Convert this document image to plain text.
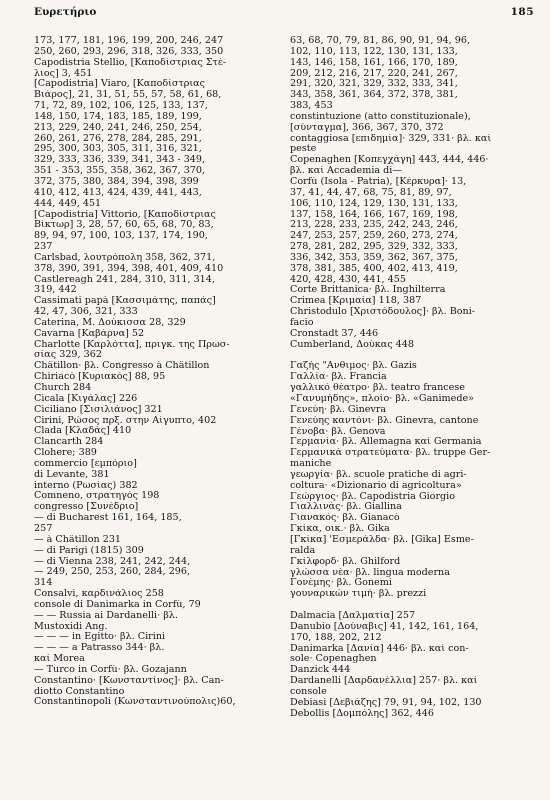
Ευρετήριο	185
173, 177, 181, 196, 199, 200, 246, 247
250, 260, 293, 296, 318, 326, 333, 350
Capodistria Stellio, [Καποδίστριας Στέ-
λιος] 3, 451
[Capodistria] Viaro, [Καποδίστριας
Βιάρος], 21, 31, 51, 55, 57, 58, 61, 68,
71, 72, 89, 102, 106, 125, 133, 137,
148, 150, 174, 183, 185, 189, 199,
213, 229, 240, 241, 246, 250, 254,
260, 261, 276, 278, 284, 285, 291,
295, 300, 303, 305, 311, 316, 321,
329, 333, 336, 339, 341, 343 - 349,
351 - 353, 355, 358, 362, 367, 370,
372, 375, 380, 384, 394, 398, 399
410, 412, 413, 424, 439, 441, 443,
444, 449, 451
[Capodistria] Vittorio, [Καποδίστριας
Βίκτωρ] 3, 28, 57, 60, 65, 68, 70, 83,
89, 94, 97, 100, 103, 137, 174, 190,
237
Carlsbad, λουτρόπολη 358, 362, 371,
378, 390, 391, 394, 398, 401, 409, 410
Castlereagh 241, 284, 310, 311, 314,
319, 442
Cassimati papà [Κασσιμάτης, παπάς]
42, 47, 306, 321, 333
Caterina, M. Δούκισσα 28, 329
Cavarna [Καβάρνα] 52
Charlotte [Καρλόττα], πριγκ. της Πρωσ-
σίας 329, 362
Châtillon· βλ. Congresso à Châtillon
Chiriacò [Κυριακός] 88, 95
Church 284
Cicala [Κιγάλας] 226
Ciciliano [Σισιλιάνος] 321
Cirini, Ρώσος πρξ. στην Αίγυπτο, 402
Clada [Κλαδάς] 410
Clancarth 284
Clohere; 389
commercio [εμπόριο]
di Levante, 381
interno (Ρωσίας) 382
Comneno, στρατηγός 198
congresso [Συνέδριο]
— di Bucharest 161, 164, 185,
257
— à Châtillon 231
— di Parigi (1815) 309
— di Vienna 238, 241, 242, 244,
— 249, 250, 253, 260, 284, 296,
314
Consalvi, καρδινάλιος 258
console di Danimarka in Corfù, 79
— — Russia ai Dardanelli· βλ.
Mustoxidi Ang.
— — — in Egitto· βλ. Cirini
— — — a Patrasso 344· βλ.
καί Morea
— Turco in Corfù· βλ. Gozajann
Constantino· [Κωνσταντίνος]· βλ. Can-
diotto Constantino
Constantinopoli (Κωνσταντινούπολις)60,
63, 68, 70, 79, 81, 86, 90, 91, 94, 96,
102, 110, 113, 122, 130, 131, 133,
143, 146, 158, 161, 166, 170, 189,
209, 212, 216, 217, 220, 241, 267,
291, 320, 321, 329, 332, 333, 341,
343, 358, 361, 364, 372, 378, 381,
383, 453
constintuzione (atto constituzionale),
[σύνταγμα], 366, 367, 370, 372
contaggiosa [επιδημία]· 329, 331· βλ. καί
peste
Copenaghen [Κοπεγχάγη] 443, 444, 446·
βλ. καί Accademia di—
Corfù (Isola - Patria), [Κέρκυρα]· 13,
37, 41, 44, 47, 68, 75, 81, 89, 97,
106, 110, 124, 129, 130, 131, 133,
137, 158, 164, 166, 167, 169, 198,
213, 228, 233, 235, 242, 243, 246,
247, 253, 257, 259, 260, 273, 274,
278, 281, 282, 295, 329, 332, 333,
336, 342, 353, 359, 362, 367, 375,
378, 381, 385, 400, 402, 413, 419,
420, 428, 430, 441, 455
Corte Brittanica· βλ. Inghilterra
Crimea [Κριμαία] 118, 387
Christodulo [Χριστόδουλος]· βλ. Boni-
facio
Cronstadt 37, 446
Cumberland, Δούκας 448
Γαζής "Ανθιμος· βλ. Gazis
Γαλλία· βλ. Francia
γαλλικό θέατρο· βλ. teatro francese
«Γανυμήδης», πλοίο· βλ. «Ganimede»
Γενεύη· βλ. Ginevra
Γενεύης καντόνι· βλ. Ginevra, cantone
Γένοβα· βλ. Genova
Γερμανία· βλ. Allemagna καί Germania
Γερμανικά στρατεύματα· βλ. truppe Ger-
maniche
γεωργία· βλ. scuole pratiche di agri-
coltura· «Dizionario di agricoltura»
Γεώργιος· βλ. Capodistria Giorgio
Γιαλλινάς· βλ. Giallina
Γιανακός· βλ. Gianacò
Γκίκα, οικ.· βλ. Gika
[Γκίκα] 'Εσμεράλδα· βλ. [Gika] Esme-
ralda
Γκίλφορδ· βλ. Ghilford
γλώσσα νέα· βλ. lingua moderna
Γονέμης· βλ. Gonemi
γουναρικών τιμή· βλ. prezzi
Dalmacia [Δαλματία] 257
Danubio [Δούναβις] 41, 142, 161, 164,
170, 188, 202, 212
Danimarka [Δανία] 446· βλ. καί con-
sole· Copenaghen
Danzick 444
Dardanelli [Δαρδανέλλια] 257· βλ. καί
console
Debiasi [Δεβιάζης] 79, 91, 94, 102, 130
Debollis [Δομπόλης] 362, 446
